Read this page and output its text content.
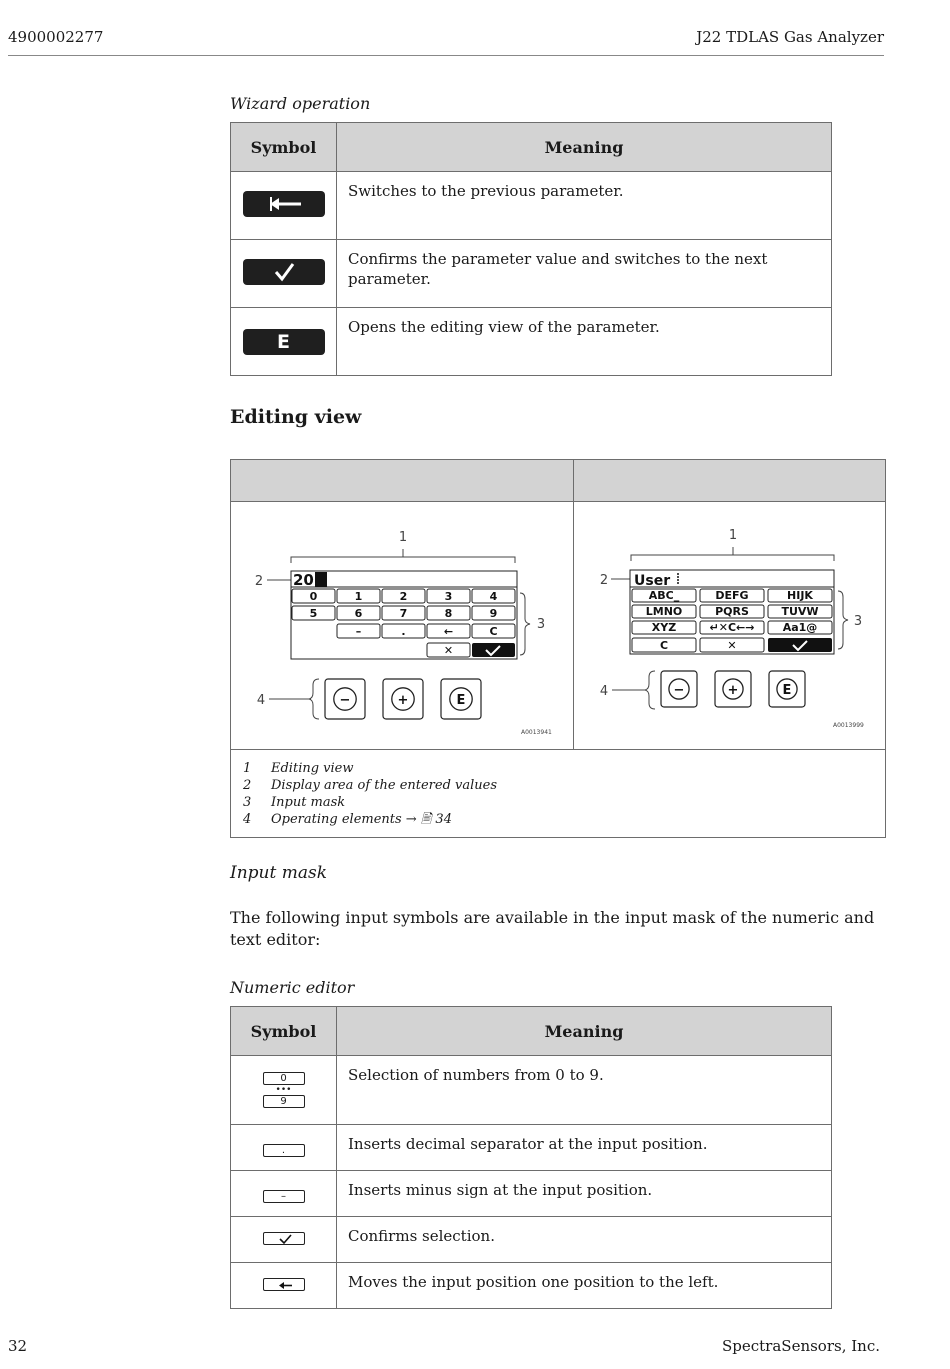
4900002277	J22 TDLAS Gas Analyzer
Wizard operation
Symbol	Meaning

	Switches to the previous parameter.

	Confirms the parameter value and switches to the next parameter.
E	Opens the editing view of the parameter.
Editing view
1
2 20
0	1	2	3	4
5	6	7	8	9
–	.	←	C
✕
3
4	−	+	E
A0013941
1
2 User
ABC_	DEFG	HIJK
LMNO	PQRS	TUVW
XYZ	↵✕C←→	Aa1@
C	✕
3
4	−	+	E
A0013999
1 Editing view
2 Display area of the entered values
3 Input mask
4 Operating elements → 🖹 34
Input mask
The following input symbols are available in the input mask of the numeric and text editor:
Numeric editor
Symbol	Meaning

0
•••
9	Selection of numbers from 0 to 9.
.	Inserts decimal separator at the input position.
–	Inserts minus sign at the input position.

	Confirms selection.

	Moves the input position one position to the left.
32	SpectraSensors, Inc.
